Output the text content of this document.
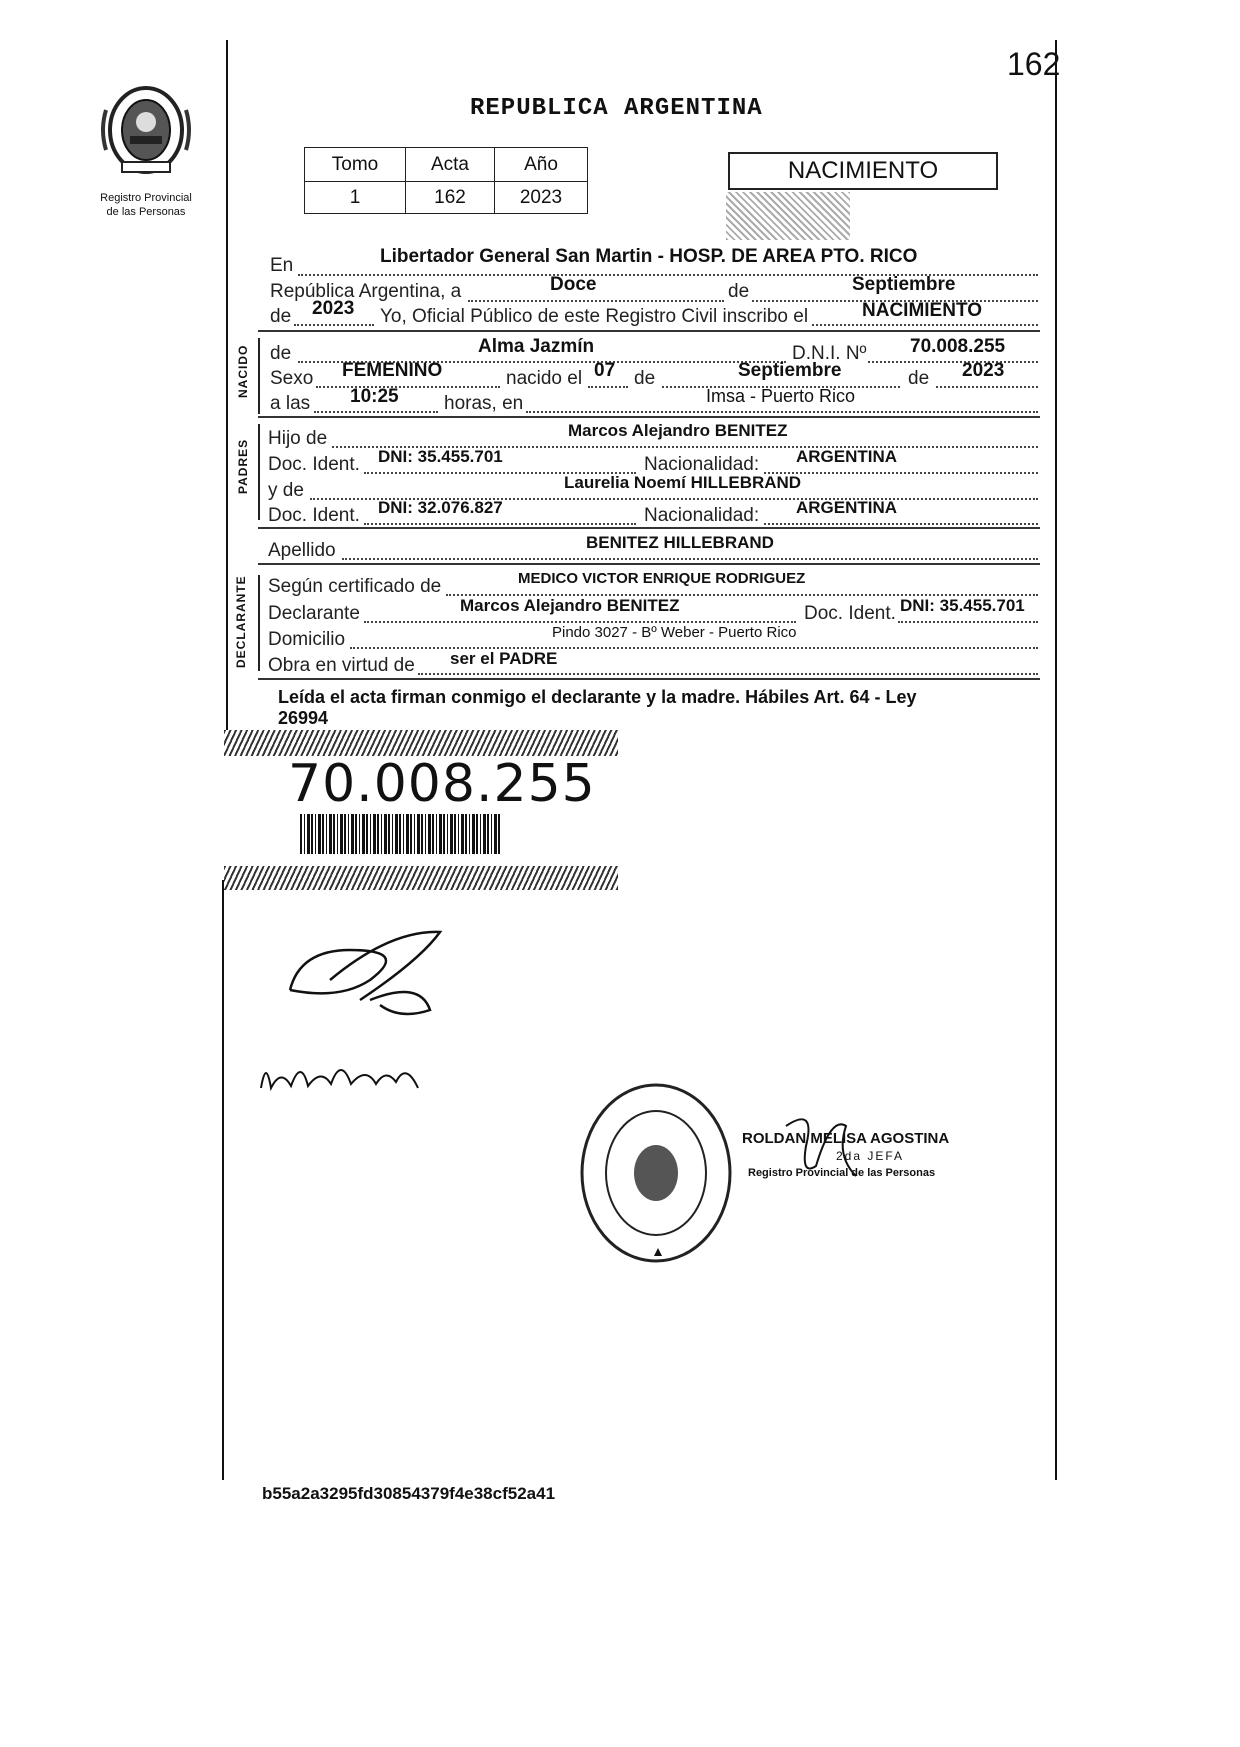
162
Registro Provincial
de las Personas
REPUBLICA ARGENTINA
Tomo	Acta	Año
1	162	2023
NACIMIENTO
En	Libertador General San Martin - HOSP. DE AREA PTO. RICO
República Argentina, a	Doce	de	Septiembre
de 2023 Yo, Oficial Público de este Registro Civil inscribo el	NACIMIENTO
NACIDO de	Alma Jazmín	D.N.I. Nº 70.008.255
Sexo FEMENINO	nacido el 07 de	Septiembre	de 2023
a las 10:25 horas, en	Imsa - Puerto Rico
PADRES
Hijo de	Marcos Alejandro BENITEZ
Doc. Ident. DNI: 35.455.701	Nacionalidad: ARGENTINA
y de	Laurelia Noemí HILLEBRAND
Doc. Ident. DNI: 32.076.827	Nacionalidad: ARGENTINA
Apellido	BENITEZ HILLEBRAND
DECLARANTE Según certificado de	MEDICO VICTOR ENRIQUE RODRIGUEZ
Declarante	Marcos Alejandro BENITEZ	Doc. Ident. DNI: 35.455.701
Domicilio	Pindo 3027 - Bº Weber - Puerto Rico
Obra en virtud de ser el PADRE
Leída el acta firman conmigo el declarante y la madre. Hábiles Art. 64 - Ley
26994
70.008.255
ROLDAN MELISA AGOSTINA
2da JEFA
Registro Provincial de las Personas
b55a2a3295fd30854379f4e38cf52a41
